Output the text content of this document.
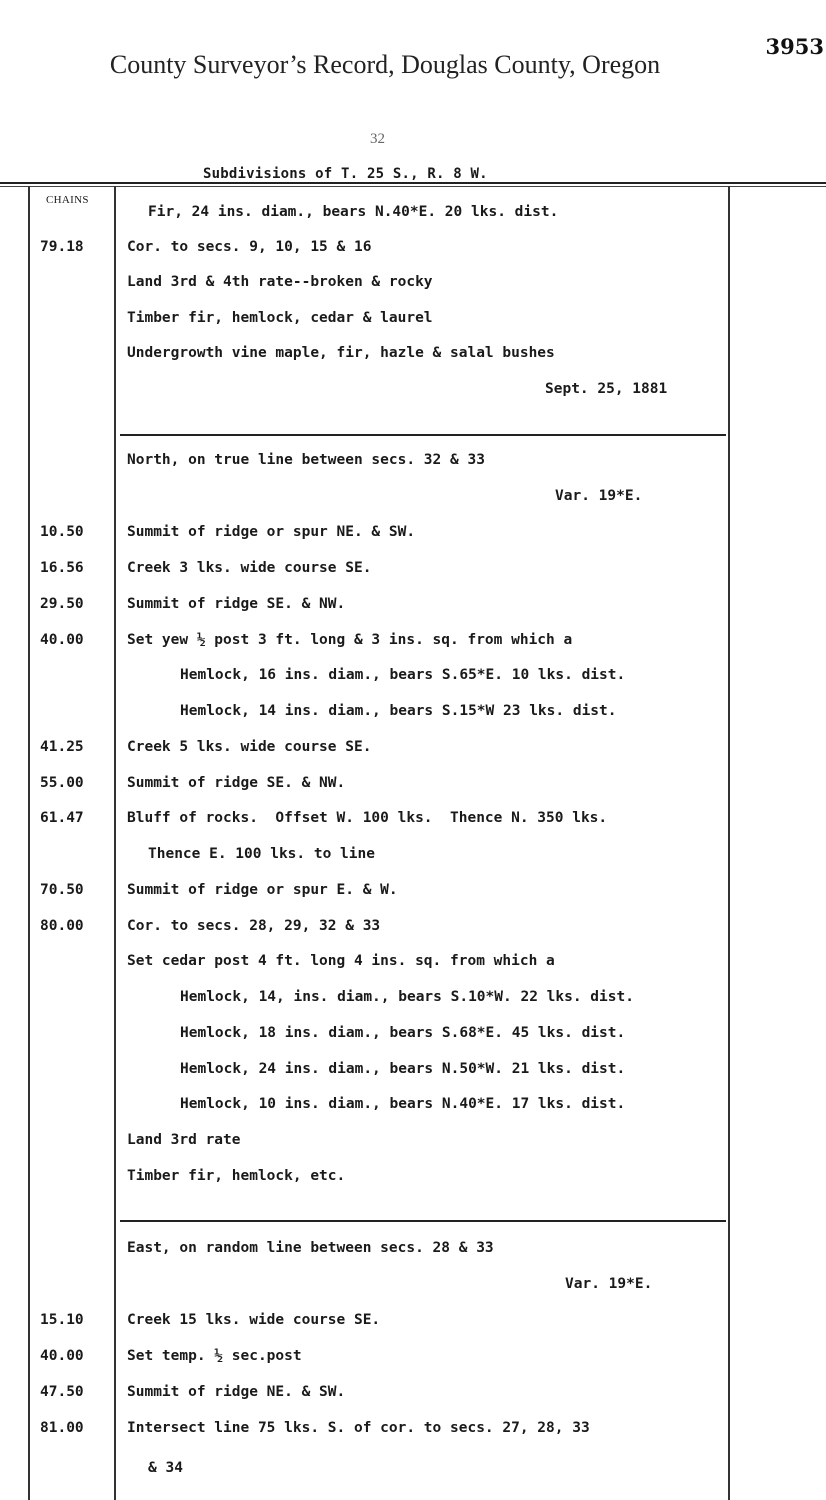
County Surveyor’s Record, Douglas County, Oregon
3953
32
Subdivisions of T. 25 S., R. 8 W.
CHAINS
Fir, 24 ins. diam., bears N.40*E. 20 lks. dist.
79.18	Cor. to secs. 9, 10, 15 & 16
Land 3rd & 4th rate--broken & rocky
Timber fir, hemlock, cedar & laurel
Undergrowth vine maple, fir, hazle & salal bushes
Sept. 25, 1881
North, on true line between secs. 32 & 33
Var. 19*E.
10.50	Summit of ridge or spur NE. & SW.
16.56	Creek 3 lks. wide course SE.
29.50	Summit of ridge SE. & NW.
40.00	Set yew ½ post 3 ft. long & 3 ins. sq. from which a
Hemlock, 16 ins. diam., bears S.65*E. 10 lks. dist.
Hemlock, 14 ins. diam., bears S.15*W 23 lks. dist.
41.25	Creek 5 lks. wide course SE.
55.00	Summit of ridge SE. & NW.
61.47	Bluff of rocks.  Offset W. 100 lks.  Thence N. 350 lks.
Thence E. 100 lks. to line
70.50	Summit of ridge or spur E. & W.
80.00	Cor. to secs. 28, 29, 32 & 33
Set cedar post 4 ft. long 4 ins. sq. from which a
Hemlock, 14, ins. diam., bears S.10*W. 22 lks. dist.
Hemlock, 18 ins. diam., bears S.68*E. 45 lks. dist.
Hemlock, 24 ins. diam., bears N.50*W. 21 lks. dist.
Hemlock, 10 ins. diam., bears N.40*E. 17 lks. dist.
Land 3rd rate
Timber fir, hemlock, etc.
East, on random line between secs. 28 & 33
Var. 19*E.
15.10	Creek 15 lks. wide course SE.
40.00	Set temp. ½ sec.post
47.50	Summit of ridge NE. & SW.
81.00	Intersect line 75 lks. S. of cor. to secs. 27, 28, 33
& 34
